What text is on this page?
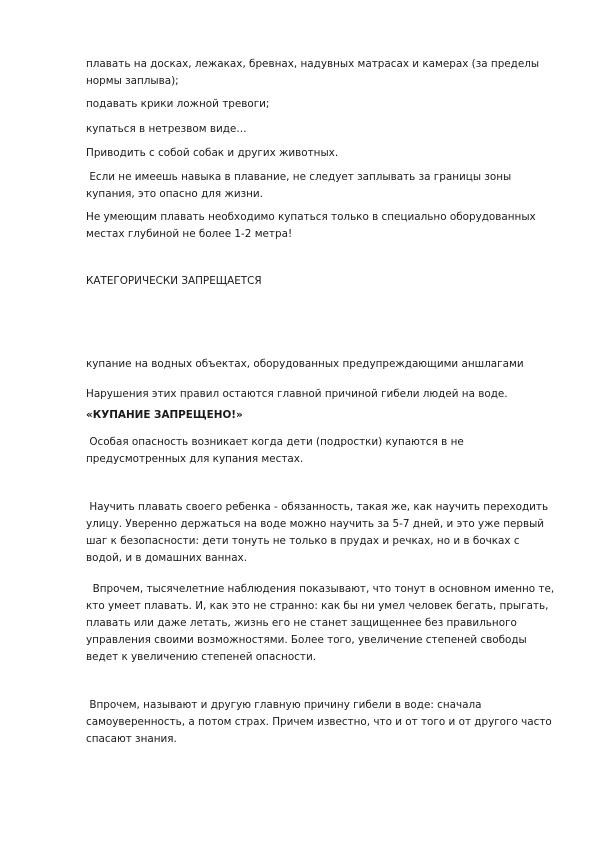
плавать на досках, лежаках, бревнах, надувных матрасах и камерах (за пределы нормы заплыва);

подавать крики ложной тревоги;

купаться в нетрезвом виде…

Приводить с собой собак и других животных.

Если не имеешь навыка в плавание, не следует заплывать за границы зоны купания, это опасно для жизни.

Не умеющим плавать необходимо купаться только в специально оборудованных местах глубиной не более 1-2 метра!

КАТЕГОРИЧЕСКИ ЗАПРЕЩАЕТСЯ

купание на водных объектах, оборудованных предупреждающими аншлагами

«КУПАНИЕ ЗАПРЕЩЕНО!»

Нарушения этих правил остаются главной причиной гибели людей на воде.

Особая опасность возникает когда дети (подростки) купаются в не предусмотренных для купания местах.

Научить плавать своего ребенка - обязанность, такая же, как научить переходить улицу. Уверенно держаться на воде можно научить за 5-7 дней, и это уже первый шаг к безопасности: дети тонуть не только в прудах и речках, но и в бочках с водой, и в домашних ваннах.

Впрочем, тысячелетние наблюдения показывают, что тонут в основном именно те, кто умеет плавать. И, как это не странно: как бы ни умел человек бегать, прыгать, плавать или даже летать, жизнь его не станет защищеннее без правильного управления своими возможностями. Более того, увеличение степеней свободы ведет к увеличению степеней опасности.

Впрочем, называют и другую главную причину гибели в воде: сначала самоуверенность, а потом страх. Причем известно, что и от того и от другого часто спасают знания.
